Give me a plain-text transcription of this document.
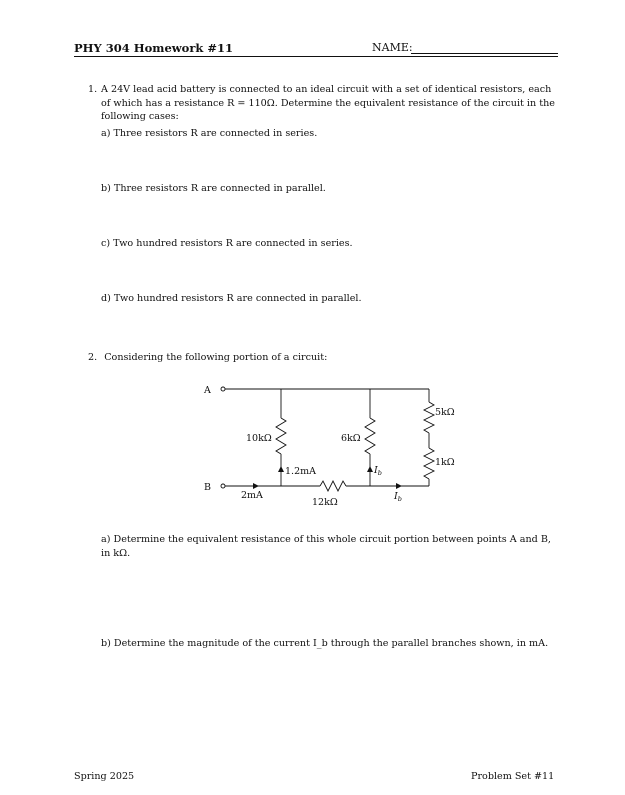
PHY 304 Homework #11	NAME:
1. A 24V lead acid battery is connected to an ideal circuit with a set of identical resistors, each of which has a resistance R = 110Ω. Determine the equivalent resistance of the circuit in the following cases:
a) Three resistors R are connected in series.
b) Three resistors R are connected in parallel.
c) Two hundred resistors R are connected in series.
d) Two hundred resistors R are connected in parallel.
2. Considering the following portion of a circuit:
A
B
10kΩ	6kΩ
5kΩ
1kΩ
12kΩ
2mA
1.2mA	$I_b$
$I_b$
a) Determine the equivalent resistance of this whole circuit portion between points A and B, in kΩ.
b) Determine the magnitude of the current I_b through the parallel branches shown, in mA.
Spring 2025	Problem Set #11
